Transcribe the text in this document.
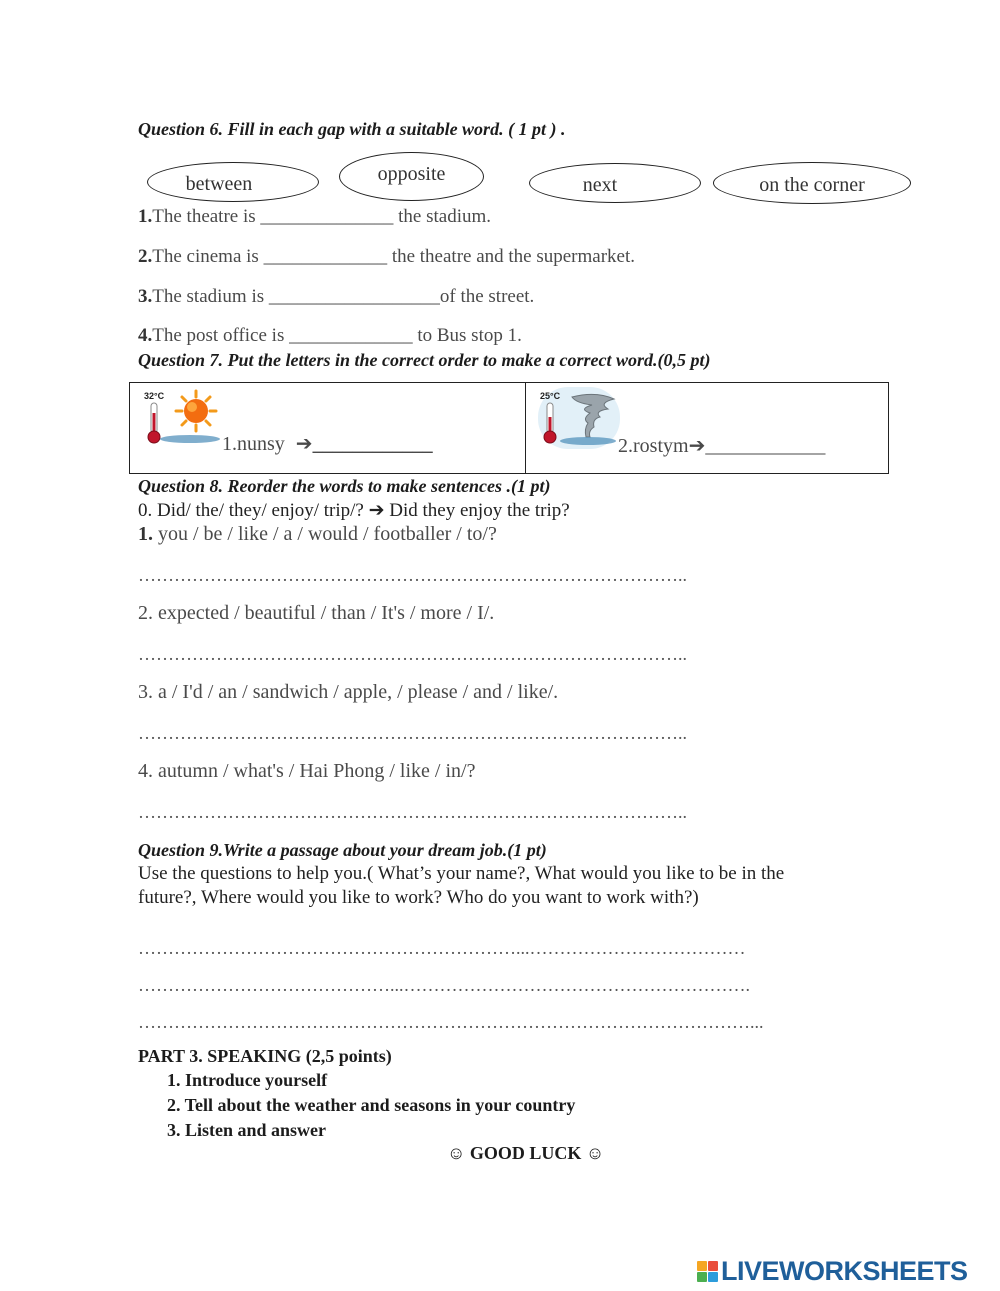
Question 6. Fill in each gap with a suitable word. ( 1 pt ) .
between	opposite	next	on the corner
1.The theatre is ______________ the stadium.
2.The cinema is _____________ the theatre and the supermarket.
3.The stadium is __________________of the street.
4.The post office is _____________ to Bus stop 1.
Question 7. Put the letters in the correct order to make a correct word.(0,5 pt)
32°C
1.nunsy ➔____________
25°C
2.rostym➔____________
Question 8. Reorder the words to make sentences .(1 pt)
0. Did/ the/ they/ enjoy/ trip/? ➔ Did they enjoy the trip?
1. you / be / like / a / would / footballer / to/?
………………………………………………………………………………..
2. expected / beautiful / than / It's / more / I/.
………………………………………………………………………………..
3. a / I'd / an / sandwich / apple, / please / and / like/.
………………………………………………………………………………..
4. autumn / what's / Hai Phong / like / in/?
………………………………………………………………………………..
Question 9.Write a passage about your dream job.(1 pt)
Use the questions to help you.( What’s your name?, What would you like to be in the
future?, Where would you like to work? Who do you want to work with?)
………………………………………………………...………………………………
……………………………………...………………………………………………….
…………………………………………………………………………………………...
PART 3. SPEAKING (2,5 points)
1. Introduce yourself
2. Tell about the weather and seasons in your country
3. Listen and answer
☺ GOOD LUCK ☺
LIVEWORKSHEETS
